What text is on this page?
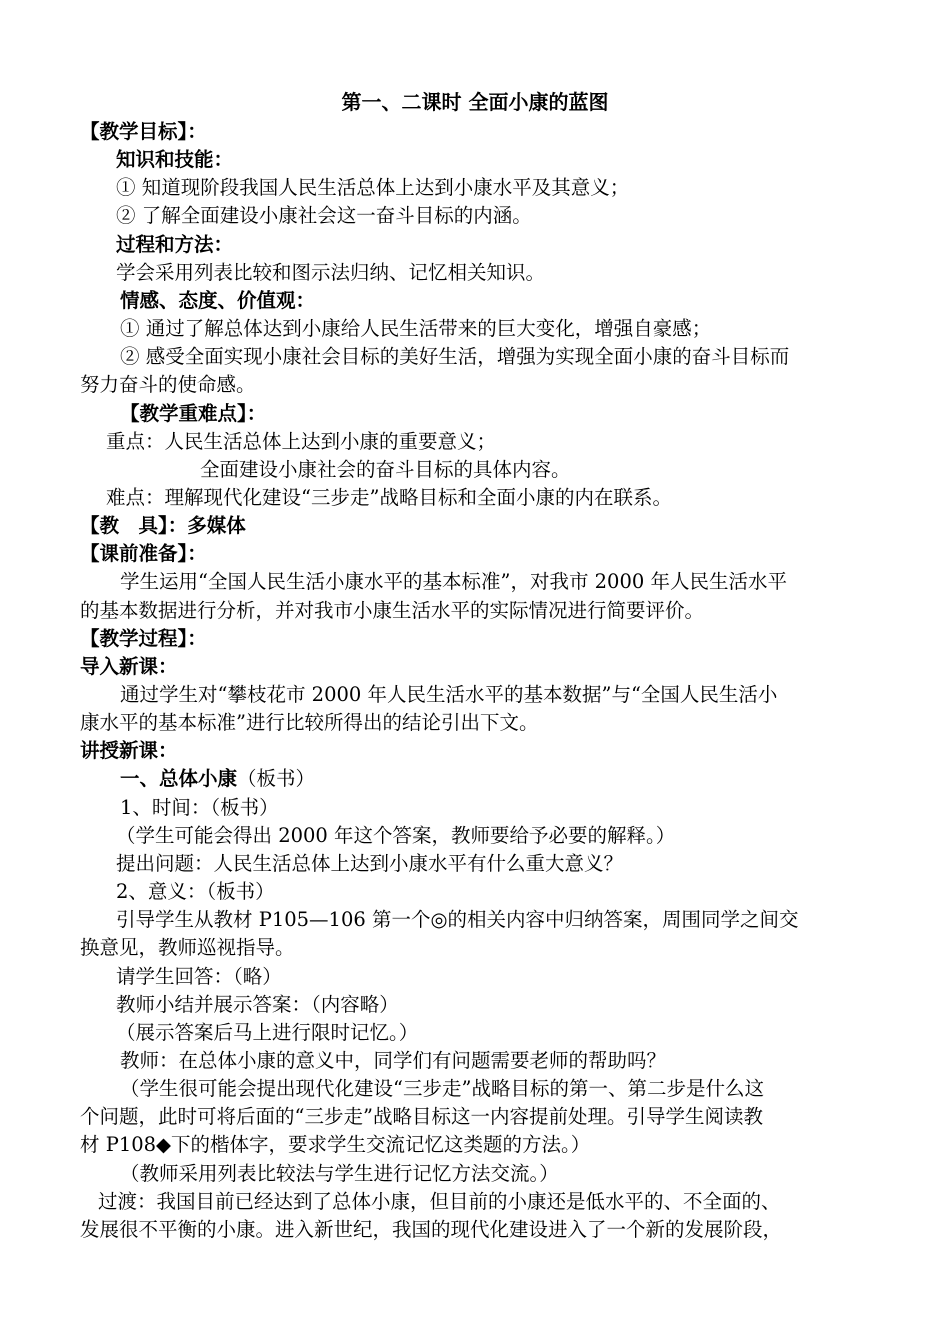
第一、二课时 全面小康的蓝图
【教学目标】：
知识和技能：
① 知道现阶段我国人民生活总体上达到小康水平及其意义；
② 了解全面建设小康社会这一奋斗目标的内涵。
过程和方法：
学会采用列表比较和图示法归纳、记忆相关知识。
情感、态度、价值观：
① 通过了解总体达到小康给人民生活带来的巨大变化，增强自豪感；
② 感受全面实现小康社会目标的美好生活，增强为实现全面小康的奋斗目标而
努力奋斗的使命感。
【教学重难点】：
重点：人民生活总体上达到小康的重要意义；
全面建设小康社会的奋斗目标的具体内容。
难点：理解现代化建设“三步走”战略目标和全面小康的内在联系。
【教　具】：多媒体
【课前准备】：
学生运用“全国人民生活小康水平的基本标准”，对我市 2000 年人民生活水平
的基本数据进行分析，并对我市小康生活水平的实际情况进行简要评价。
【教学过程】：
导入新课：
通过学生对“攀枝花市 2000 年人民生活水平的基本数据”与“全国人民生活小
康水平的基本标准”进行比较所得出的结论引出下文。
讲授新课：
一、总体小康（板书）
1、时间：（板书）
（学生可能会得出 2000 年这个答案，教师要给予必要的解释。）
提出问题：人民生活总体上达到小康水平有什么重大意义？
2、意义：（板书）
引导学生从教材 P105—106 第一个◎的相关内容中归纳答案，周围同学之间交
换意见，教师巡视指导。
请学生回答：（略）
教师小结并展示答案：（内容略）
（展示答案后马上进行限时记忆。）
教师：在总体小康的意义中，同学们有问题需要老师的帮助吗？
（学生很可能会提出现代化建设“三步走”战略目标的第一、第二步是什么这
个问题，此时可将后面的“三步走”战略目标这一内容提前处理。引导学生阅读教
材 P108◆下的楷体字，要求学生交流记忆这类题的方法。）
（教师采用列表比较法与学生进行记忆方法交流。）
过渡：我国目前已经达到了总体小康，但目前的小康还是低水平的、不全面的、
发展很不平衡的小康。进入新世纪，我国的现代化建设进入了一个新的发展阶段，
